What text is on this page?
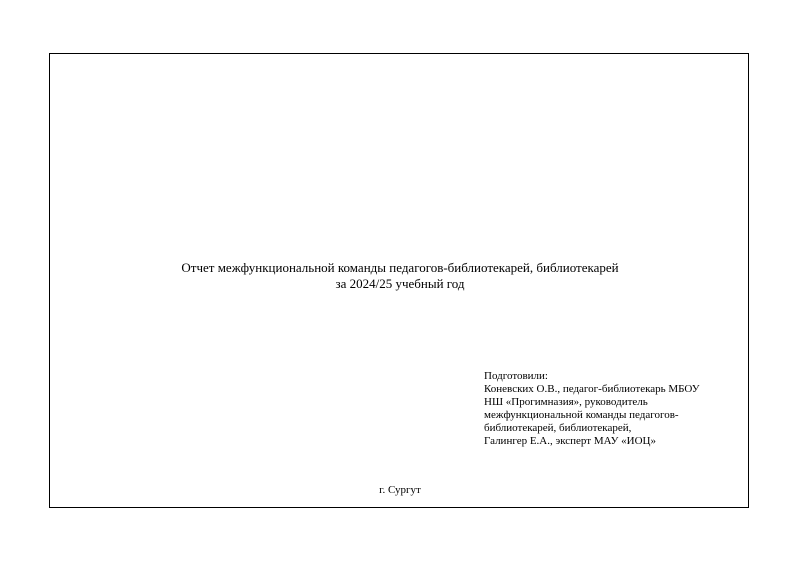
Отчет межфункциональной команды педагогов-библиотекарей, библиотекарей
за 2024/25 учебный год
Подготовили:
Коневских О.В., педагог-библиотекарь МБОУ
НШ «Прогимназия», руководитель
межфункциональной команды педагогов-
библиотекарей, библиотекарей,
Галингер Е.А., эксперт МАУ «ИОЦ»
г. Сургут
